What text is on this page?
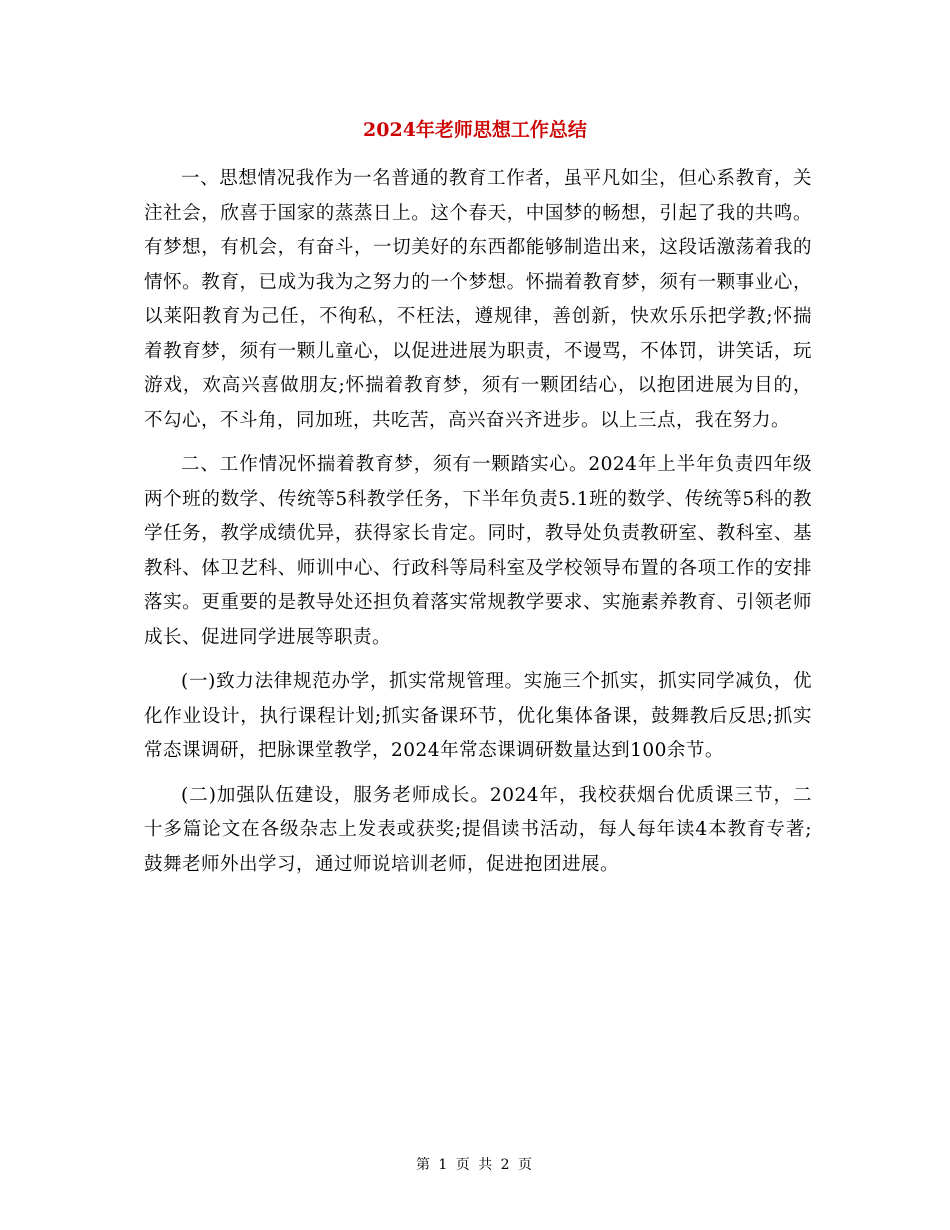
2024年老师思想工作总结

一、思想情况我作为一名普通的教育工作者，虽平凡如尘，但心系教育，关注社会，欣喜于国家的蒸蒸日上。这个春天，中国梦的畅想，引起了我的共鸣。有梦想，有机会，有奋斗，一切美好的东西都能够制造出来，这段话激荡着我的情怀。教育，已成为我为之努力的一个梦想。怀揣着教育梦，须有一颗事业心，以莱阳教育为己任，不徇私，不枉法，遵规律，善创新，快欢乐乐把学教;怀揣着教育梦，须有一颗儿童心，以促进进展为职责，不谩骂，不体罚，讲笑话，玩游戏，欢高兴喜做朋友;怀揣着教育梦，须有一颗团结心，以抱团进展为目的，不勾心，不斗角，同加班，共吃苦，高兴奋兴齐进步。以上三点，我在努力。

二、工作情况怀揣着教育梦，须有一颗踏实心。2024年上半年负责四年级两个班的数学、传统等5科教学任务，下半年负责5.1班的数学、传统等5科的教学任务，教学成绩优异，获得家长肯定。同时，教导处负责教研室、教科室、基教科、体卫艺科、师训中心、行政科等局科室及学校领导布置的各项工作的安排落实。更重要的是教导处还担负着落实常规教学要求、实施素养教育、引领老师成长、促进同学进展等职责。

(一)致力法律规范办学，抓实常规管理。实施三个抓实，抓实同学减负，优化作业设计，执行课程计划;抓实备课环节，优化集体备课，鼓舞教后反思;抓实常态课调研，把脉课堂教学，2024年常态课调研数量达到100余节。

(二)加强队伍建设，服务老师成长。2024年，我校获烟台优质课三节，二十多篇论文在各级杂志上发表或获奖;提倡读书活动，每人每年读4本教育专著;鼓舞老师外出学习，通过师说培训老师，促进抱团进展。

第 1 页 共 2 页
